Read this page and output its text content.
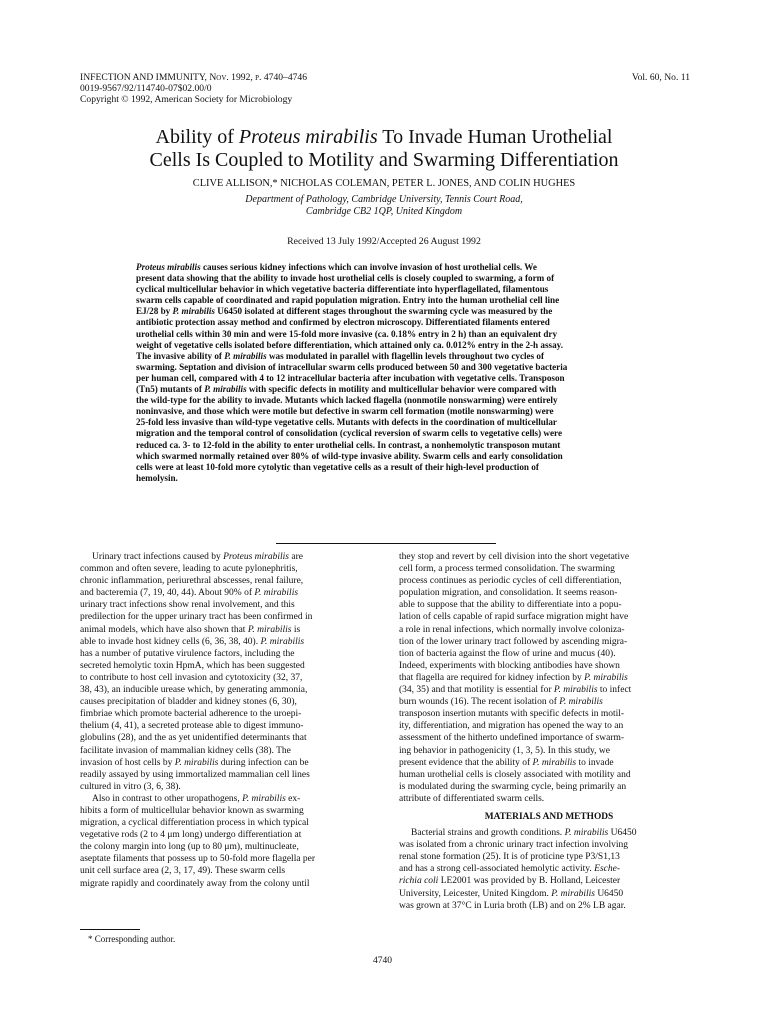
INFECTION AND IMMUNITY, Nov. 1992, p. 4740–4746
0019-9567/92/114740-07$02.00/0
Copyright © 1992, American Society for Microbiology
Vol. 60, No. 11
Ability of Proteus mirabilis To Invade Human Urothelial
Cells Is Coupled to Motility and Swarming Differentiation
CLIVE ALLISON,* NICHOLAS COLEMAN, PETER L. JONES, AND COLIN HUGHES
Department of Pathology, Cambridge University, Tennis Court Road,
Cambridge CB2 1QP, United Kingdom
Received 13 July 1992/Accepted 26 August 1992
Proteus mirabilis causes serious kidney infections which can involve invasion of host urothelial cells. We
present data showing that the ability to invade host urothelial cells is closely coupled to swarming, a form of
cyclical multicellular behavior in which vegetative bacteria differentiate into hyperflagellated, filamentous
swarm cells capable of coordinated and rapid population migration. Entry into the human urothelial cell line
EJ/28 by P. mirabilis U6450 isolated at different stages throughout the swarming cycle was measured by the
antibiotic protection assay method and confirmed by electron microscopy. Differentiated filaments entered
urothelial cells within 30 min and were 15-fold more invasive (ca. 0.18% entry in 2 h) than an equivalent dry
weight of vegetative cells isolated before differentiation, which attained only ca. 0.012% entry in the 2-h assay.
The invasive ability of P. mirabilis was modulated in parallel with flagellin levels throughout two cycles of
swarming. Septation and division of intracellular swarm cells produced between 50 and 300 vegetative bacteria
per human cell, compared with 4 to 12 intracellular bacteria after incubation with vegetative cells. Transposon
(Tn5) mutants of P. mirabilis with specific defects in motility and multicellular behavior were compared with
the wild-type for the ability to invade. Mutants which lacked flagella (nonmotile nonswarming) were entirely
noninvasive, and those which were motile but defective in swarm cell formation (motile nonswarming) were
25-fold less invasive than wild-type vegetative cells. Mutants with defects in the coordination of multicellular
migration and the temporal control of consolidation (cyclical reversion of swarm cells to vegetative cells) were
reduced ca. 3- to 12-fold in the ability to enter urothelial cells. In contrast, a nonhemolytic transposon mutant
which swarmed normally retained over 80% of wild-type invasive ability. Swarm cells and early consolidation
cells were at least 10-fold more cytolytic than vegetative cells as a result of their high-level production of
hemolysin.
Urinary tract infections caused by Proteus mirabilis are
common and often severe, leading to acute pylonephritis,
chronic inflammation, periurethral abscesses, renal failure,
and bacteremia (7, 19, 40, 44). About 90% of P. mirabilis
urinary tract infections show renal involvement, and this
predilection for the upper urinary tract has been confirmed in
animal models, which have also shown that P. mirabilis is
able to invade host kidney cells (6, 36, 38, 40). P. mirabilis
has a number of putative virulence factors, including the
secreted hemolytic toxin HpmA, which has been suggested
to contribute to host cell invasion and cytotoxicity (32, 37,
38, 43), an inducible urease which, by generating ammonia,
causes precipitation of bladder and kidney stones (6, 30),
fimbriae which promote bacterial adherence to the uroepi-
thelium (4, 41), a secreted protease able to digest immuno-
globulins (28), and the as yet unidentified determinants that
facilitate invasion of mammalian kidney cells (38). The
invasion of host cells by P. mirabilis during infection can be
readily assayed by using immortalized mammalian cell lines
cultured in vitro (3, 6, 38).
Also in contrast to other uropathogens, P. mirabilis ex-
hibits a form of multicellular behavior known as swarming
migration, a cyclical differentiation process in which typical
vegetative rods (2 to 4 μm long) undergo differentiation at
the colony margin into long (up to 80 μm), multinucleate,
aseptate filaments that possess up to 50-fold more flagella per
unit cell surface area (2, 3, 17, 49). These swarm cells
migrate rapidly and coordinately away from the colony until
they stop and revert by cell division into the short vegetative
cell form, a process termed consolidation. The swarming
process continues as periodic cycles of cell differentiation,
population migration, and consolidation. It seems reason-
able to suppose that the ability to differentiate into a popu-
lation of cells capable of rapid surface migration might have
a role in renal infections, which normally involve coloniza-
tion of the lower urinary tract followed by ascending migra-
tion of bacteria against the flow of urine and mucus (40).
Indeed, experiments with blocking antibodies have shown
that flagella are required for kidney infection by P. mirabilis
(34, 35) and that motility is essential for P. mirabilis to infect
burn wounds (16). The recent isolation of P. mirabilis
transposon insertion mutants with specific defects in motil-
ity, differentiation, and migration has opened the way to an
assessment of the hitherto undefined importance of swarm-
ing behavior in pathogenicity (1, 3, 5). In this study, we
present evidence that the ability of P. mirabilis to invade
human urothelial cells is closely associated with motility and
is modulated during the swarming cycle, being primarily an
attribute of differentiated swarm cells.
MATERIALS AND METHODS
Bacterial strains and growth conditions. P. mirabilis U6450
was isolated from a chronic urinary tract infection involving
renal stone formation (25). It is of proticine type P3/S1,13
and has a strong cell-associated hemolytic activity. Esche-
richia coli LE2001 was provided by B. Holland, Leicester
University, Leicester, United Kingdom. P. mirabilis U6450
was grown at 37°C in Luria broth (LB) and on 2% LB agar.
* Corresponding author.
4740
